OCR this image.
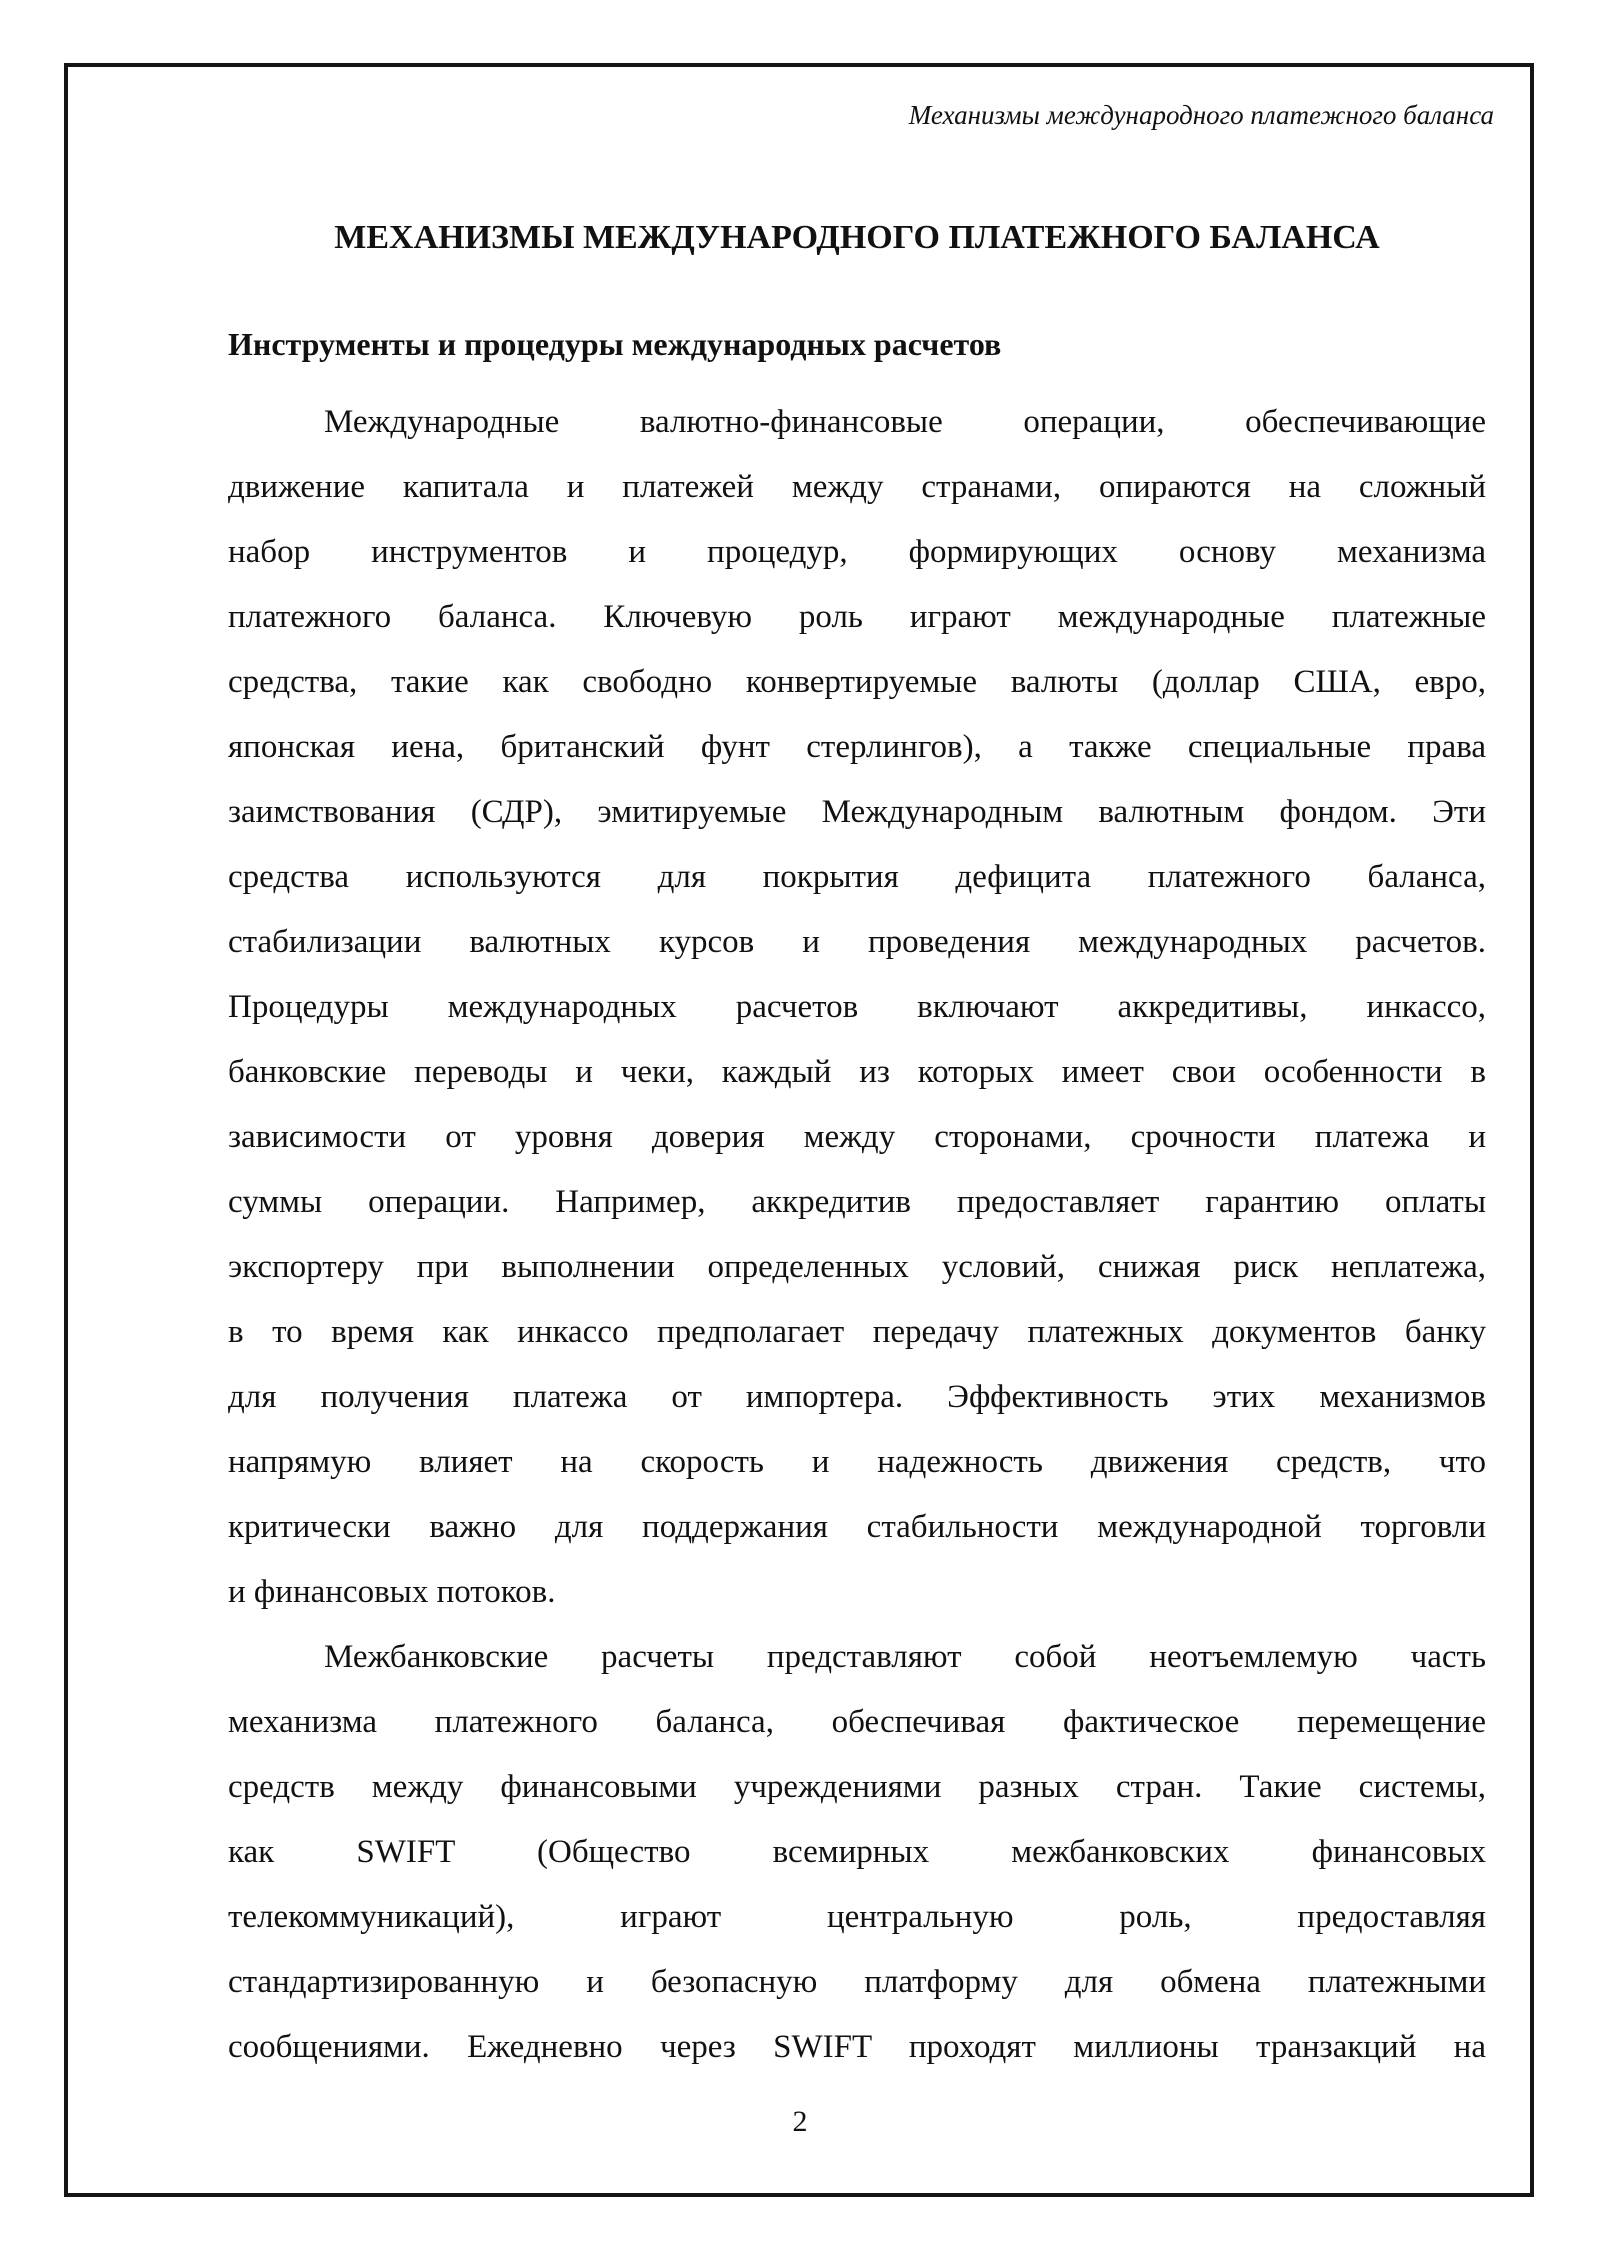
Механизмы международного платежного баланса
МЕХАНИЗМЫ МЕЖДУНАРОДНОГО ПЛАТЕЖНОГО БАЛАНСА
Инструменты и процедуры международных расчетов
Международные валютно-финансовые операции, обеспечивающие
движение капитала и платежей между странами, опираются на сложный
набор инструментов и процедур, формирующих основу механизма
платежного баланса. Ключевую роль играют международные платежные
средства, такие как свободно конвертируемые валюты (доллар США, евро,
японская иена, британский фунт стерлингов), а также специальные права
заимствования (СДР), эмитируемые Международным валютным фондом. Эти
средства используются для покрытия дефицита платежного баланса,
стабилизации валютных курсов и проведения международных расчетов.
Процедуры международных расчетов включают аккредитивы, инкассо,
банковские переводы и чеки, каждый из которых имеет свои особенности в
зависимости от уровня доверия между сторонами, срочности платежа и
суммы операции. Например, аккредитив предоставляет гарантию оплаты
экспортеру при выполнении определенных условий, снижая риск неплатежа,
в то время как инкассо предполагает передачу платежных документов банку
для получения платежа от импортера. Эффективность этих механизмов
напрямую влияет на скорость и надежность движения средств, что
критически важно для поддержания стабильности международной торговли
и финансовых потоков.
Межбанковские расчеты представляют собой неотъемлемую часть
механизма платежного баланса, обеспечивая фактическое перемещение
средств между финансовыми учреждениями разных стран. Такие системы,
как SWIFT (Общество всемирных межбанковских финансовых
телекоммуникаций), играют центральную роль, предоставляя
стандартизированную и безопасную платформу для обмена платежными
сообщениями. Ежедневно через SWIFT проходят миллионы транзакций на
2
